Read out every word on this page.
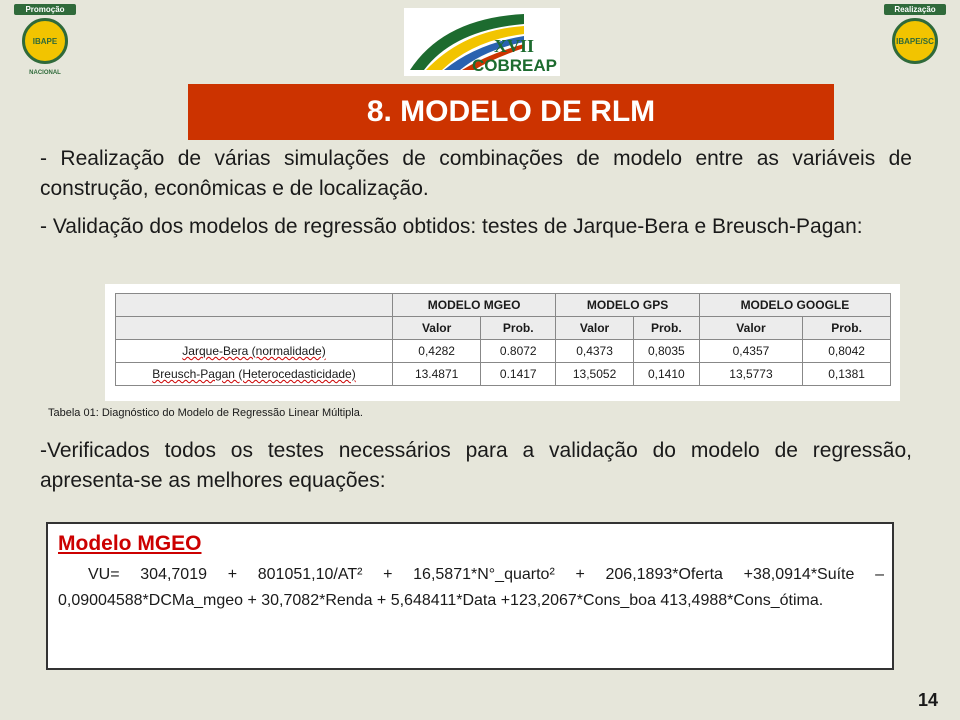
Promoção
IBAPE
NACIONAL
XVII
COBREAP
Realização
IBAPE/SC
8. MODELO DE RLM
- Realização de várias simulações de combinações de modelo entre as variáveis de construção, econômicas e de localização.
- Validação dos modelos de regressão obtidos: testes de Jarque-Bera e Breusch-Pagan:
	MODELO MGEO		MODELO GPS		MODELO GOOGLE	
	Valor	Prob.	Valor	Prob.	Valor	Prob.
Jarque-Bera (normalidade)	0,4282	0.8072	0,4373	0,8035	0,4357	0,8042
Breusch-Pagan (Heterocedasticidade)	13.4871	0.1417	13,5052	0,1410	13,5773	0,1381
Tabela 01: Diagnóstico do Modelo de Regressão Linear Múltipla.
-Verificados todos os testes necessários para a validação do modelo de regressão, apresenta-se as melhores equações:
Modelo MGEO
VU= 304,7019 + 801051,10/AT² + 16,5871*N°_quarto² + 206,1893*Oferta +38,0914*Suíte – 0,09004588*DCMa_mgeo + 30,7082*Renda + 5,648411*Data +123,2067*Cons_boa 413,4988*Cons_ótima.
14
